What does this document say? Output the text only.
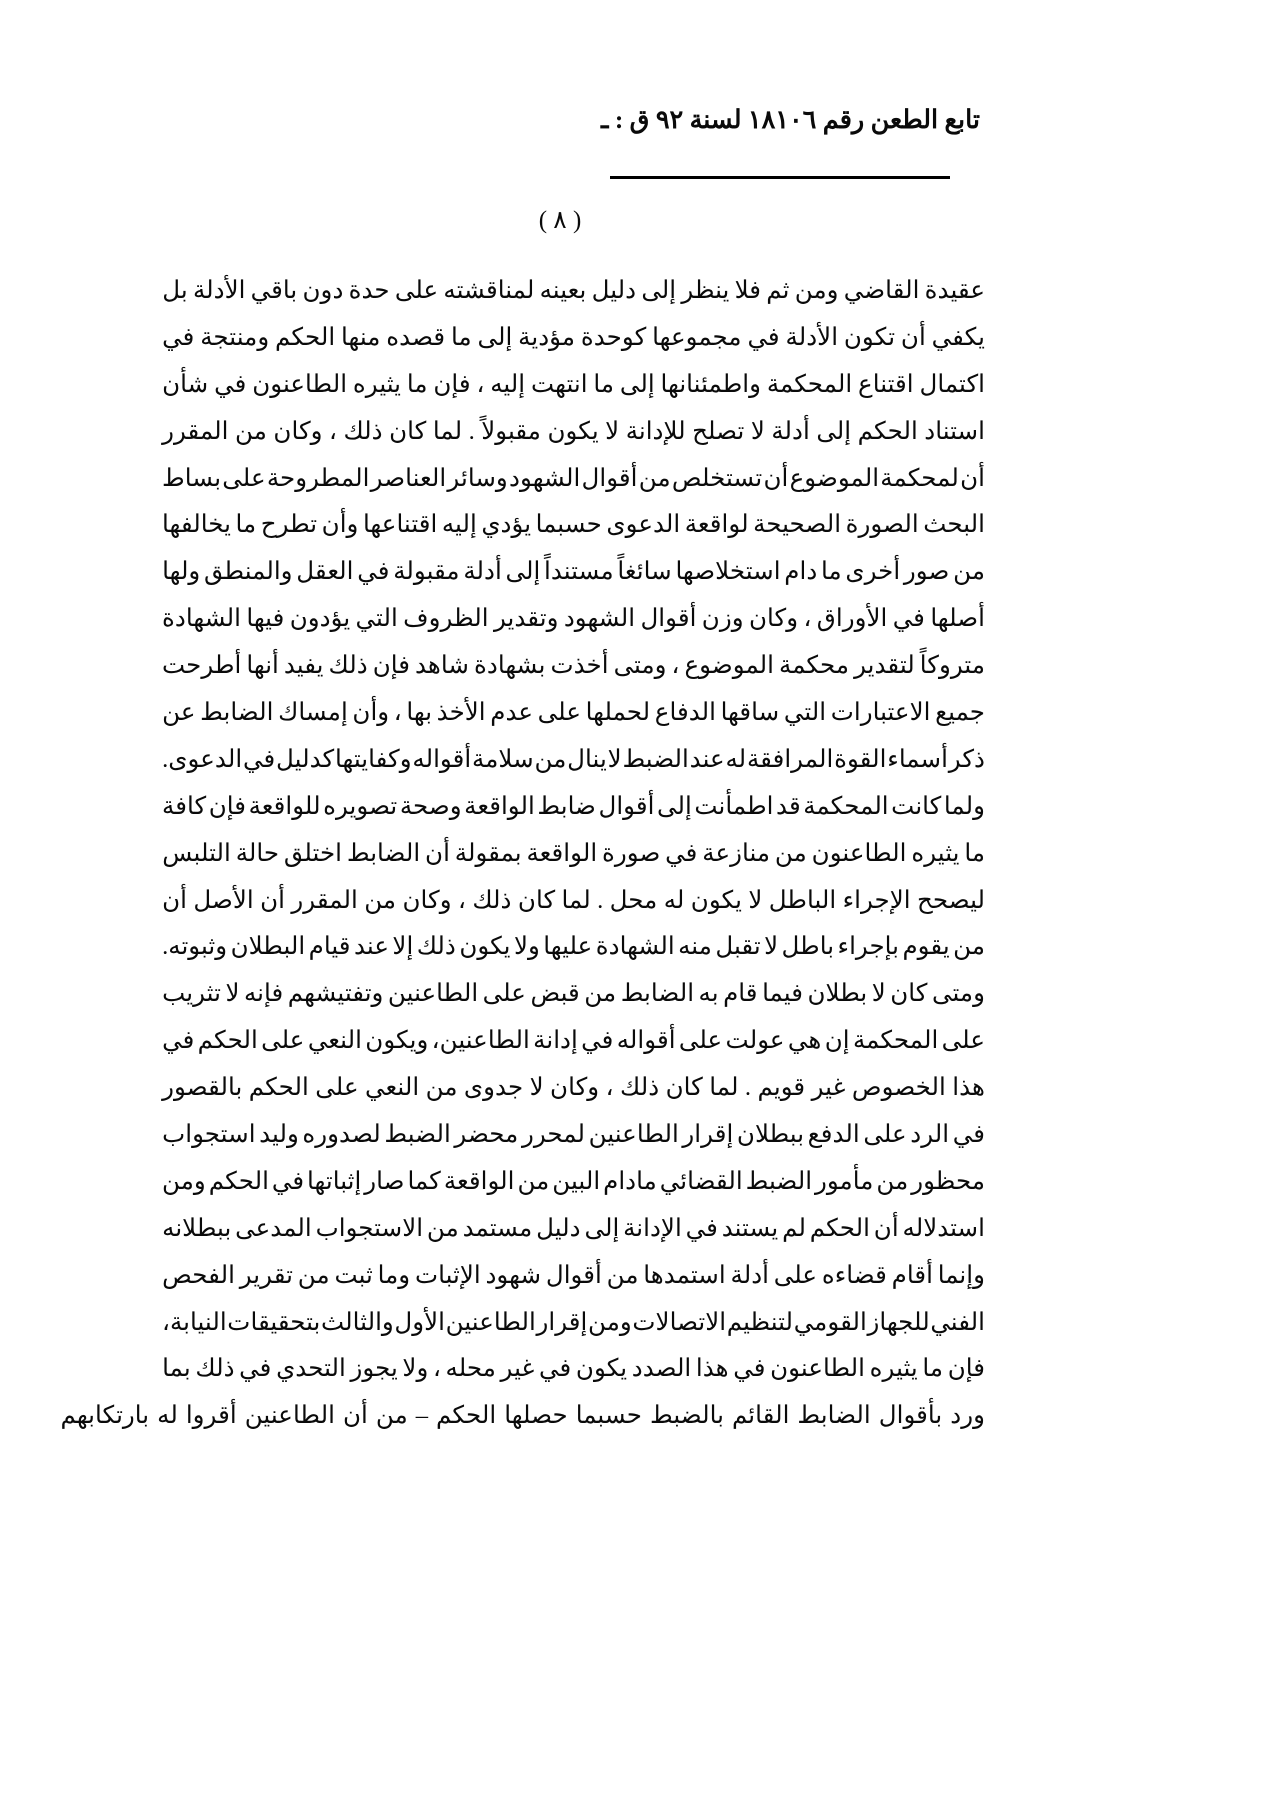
تابع الطعن رقم ١٨١٠٦ لسنة ٩٢ ق : ـ
( ٨ )

عقيدة
القاضي
ومن
ثم
فلا
ينظر
إلى
دليل
بعينه
لمناقشته
على
حدة
دون
باقي
الأدلة
بل
يكفي
أن
تكون
الأدلة
في
مجموعها
كوحدة
مؤدية
إلى
ما
قصده
منها
الحكم
ومنتجة
في
اكتمال
اقتناع
المحكمة
واطمئنانها
إلى
ما
انتهت
إليه
،
فإن
ما
يثيره
الطاعنون
في
شأن
استناد
الحكم
إلى
أدلة
لا
تصلح
للإدانة
لا
يكون
مقبولاً
.
لما
كان
ذلك
،
وكان
من
المقرر
أن
لمحكمة
الموضوع
أن
تستخلص
من
أقوال
الشهود
وسائر
العناصر
المطروحة
على
بساط
البحث
الصورة
الصحيحة
لواقعة
الدعوى
حسبما
يؤدي
إليه
اقتناعها
وأن
تطرح
ما
يخالفها
من
صور
أخرى
ما
دام
استخلاصها
سائغاً
مستنداً
إلى
أدلة
مقبولة
في
العقل
والمنطق
ولها
أصلها
في
الأوراق
،
وكان
وزن
أقوال
الشهود
وتقدير
الظروف
التي
يؤدون
فيها
الشهادة
متروكاً
لتقدير
محكمة
الموضوع
،
ومتى
أخذت
بشهادة
شاهد
فإن
ذلك
يفيد
أنها
أطرحت
جميع
الاعتبارات
التي
ساقها
الدفاع
لحملها
على
عدم
الأخذ
بها
،
وأن
إمساك
الضابط
عن
ذكر
أسماء
القوة
المرافقة
له
عند
الضبط
لا
ينال
من
سلامة
أقواله
وكفايتها
كدليل
في
الدعوى.
ولما
كانت
المحكمة
قد
اطمأنت
إلى
أقوال
ضابط
الواقعة
وصحة
تصويره
للواقعة
فإن
كافة
ما
يثيره
الطاعنون
من
منازعة
في
صورة
الواقعة
بمقولة
أن
الضابط
اختلق
حالة
التلبس
ليصحح
الإجراء
الباطل
لا
يكون
له
محل
.
لما
كان
ذلك
،
وكان
من
المقرر
أن
الأصل
أن
من
يقوم
بإجراء
باطل
لا
تقبل
منه
الشهادة
عليها
ولا
يكون
ذلك
إلا
عند
قيام
البطلان
وثبوته.
ومتى
كان
لا
بطلان
فيما
قام
به
الضابط
من
قبض
على
الطاعنين
وتفتيشهم
فإنه
لا
تثريب
على
المحكمة
إن
هي
عولت
على
أقواله
في
إدانة
الطاعنين،
ويكون
النعي
على
الحكم
في
هذا
الخصوص
غير
قويم
.
لما
كان
ذلك
،
وكان
لا
جدوى
من
النعي
على
الحكم
بالقصور
في
الرد
على
الدفع
ببطلان
إقرار
الطاعنين
لمحرر
محضر
الضبط
لصدوره
وليد
استجواب
محظور
من
مأمور
الضبط
القضائي
مادام
البين
من
الواقعة
كما
صار
إثباتها
في
الحكم
ومن
استدلاله
أن
الحكم
لم
يستند
في
الإدانة
إلى
دليل
مستمد
من
الاستجواب
المدعى
ببطلانه
وإنما
أقام
قضاءه
على
أدلة
استمدها
من
أقوال
شهود
الإثبات
وما
ثبت
من
تقرير
الفحص
الفني
للجهاز
القومي
لتنظيم
الاتصالات
ومن
إقرار
الطاعنين
الأول
والثالث
بتحقيقات
النيابة،
فإن
ما
يثيره
الطاعنون
في
هذا
الصدد
يكون
في
غير
محله
،
ولا
يجوز
التحدي
في
ذلك
بما
ورد
بأقوال
الضابط
القائم
بالضبط
حسبما
حصلها
الحكم
–
من
أن
الطاعنين
أقروا
له
بارتكابهم
